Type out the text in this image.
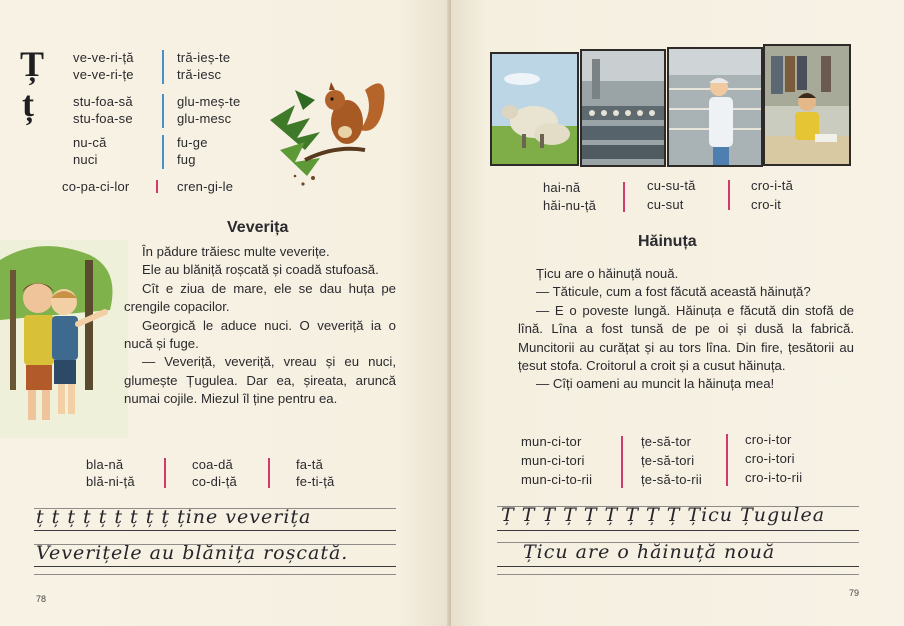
Ț
ț
ve-ve-ri-ță
ve-ve-ri-țe
stu-foa-să
stu-foa-se
nu-că
nuci
co-pa-ci-lor
tră-ieș-te
tră-iesc
glu-meș-te
glu-mesc
fu-ge
fug
cren-gi-le
Veverița

În pădure trăiesc multe veverițe.

Ele au blăniță roșcată și coadă stufoasă.

Cît e ziua de mare, ele se dau huța pe crengile copacilor.

Georgică le aduce nuci. O veveriță ia o nucă și fuge.

— Veveriță, veveriță, vreau și eu nuci, glumește Țugulea. Dar ea, șireata, aruncă numai cojile. Miezul îl ține pentru ea.

bla-nă
blă-ni-ță
coa-dă
co-di-ță
fa-tă
fe-ti-ță
ț ț ț ț ț ț ț ț ț ține veverița
Veverițele au blănița roșcată.
78
hai-nă
hăi-nu-ță
cu-su-tă
cu-sut
cro-i-tă
cro-it
Hăinuța

Țicu are o hăinuță nouă.

— Tăticule, cum a fost făcută această hăinuță?

— E o poveste lungă. Hăinuța e făcută din stofă de lînă. Lîna a fost tunsă de pe oi și dusă la fabrică. Muncitorii au curățat și au tors lîna. Din fire, țesătorii au țesut stofa. Croitorul a croit și a cusut hăinuța.

— Cîți oameni au muncit la hăinuța mea!

mun-ci-tor
mun-ci-tori
mun-ci-to-rii
țe-să-tor
țe-să-tori
țe-să-to-rii
cro-i-tor
cro-i-tori
cro-i-to-rii
Ț Ț Ț Ț Ț Ț Ț Ț Ț Țicu Țugulea
Țicu are o hăinuță nouă
79
